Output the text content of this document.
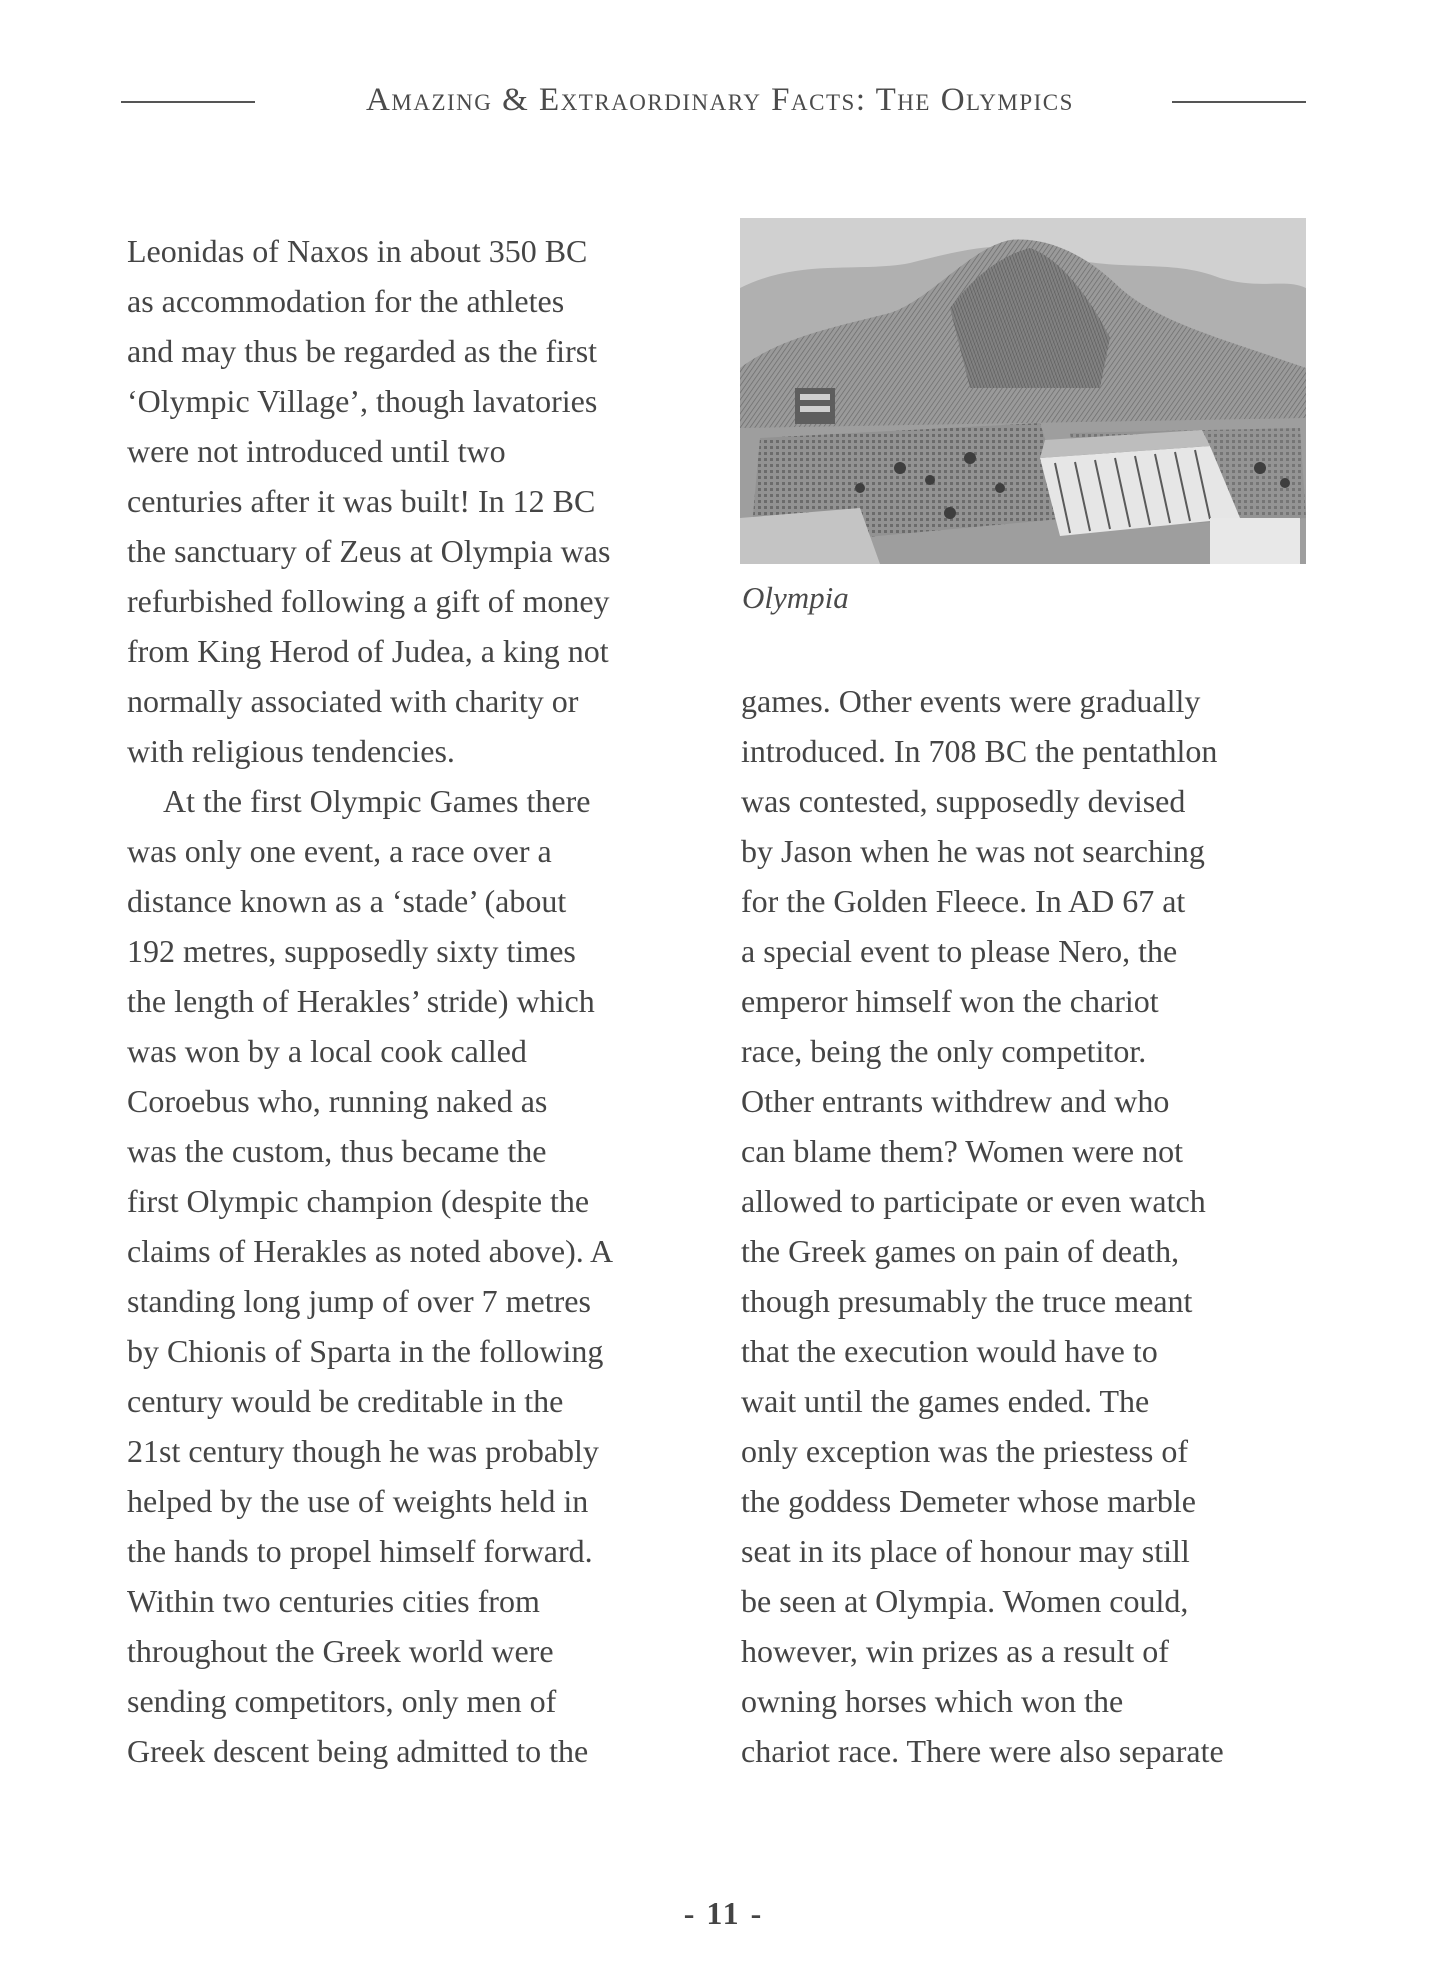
Amazing & Extraordinary Facts: The Olympics
Leonidas of Naxos in about 350 BC
as accommodation for the athletes
and may thus be regarded as the first
‘Olympic Village’, though lavatories
were not introduced until two
centuries after it was built! In 12 BC
the sanctuary of Zeus at Olympia was
refurbished following a gift of money
from King Herod of Judea, a king not
normally associated with charity or
with religious tendencies.
At the first Olympic Games there
was only one event, a race over a
distance known as a ‘stade’ (about
192 metres, supposedly sixty times
the length of Herakles’ stride) which
was won by a local cook called
Coroebus who, running naked as
was the custom, thus became the
first Olympic champion (despite the
claims of Herakles as noted above). A
standing long jump of over 7 metres
by Chionis of Sparta in the following
century would be creditable in the
21st century though he was probably
helped by the use of weights held in
the hands to propel himself forward.
Within two centuries cities from
throughout the Greek world were
sending competitors, only men of
Greek descent being admitted to the
Olympia
games. Other events were gradually
introduced. In 708 BC the pentathlon
was contested, supposedly devised
by Jason when he was not searching
for the Golden Fleece. In AD 67 at
a special event to please Nero, the
emperor himself won the chariot
race, being the only competitor.
Other entrants withdrew and who
can blame them? Women were not
allowed to participate or even watch
the Greek games on pain of death,
though presumably the truce meant
that the execution would have to
wait until the games ended. The
only exception was the priestess of
the goddess Demeter whose marble
seat in its place of honour may still
be seen at Olympia. Women could,
however, win prizes as a result of
owning horses which won the
chariot race. There were also separate
- 11 -
